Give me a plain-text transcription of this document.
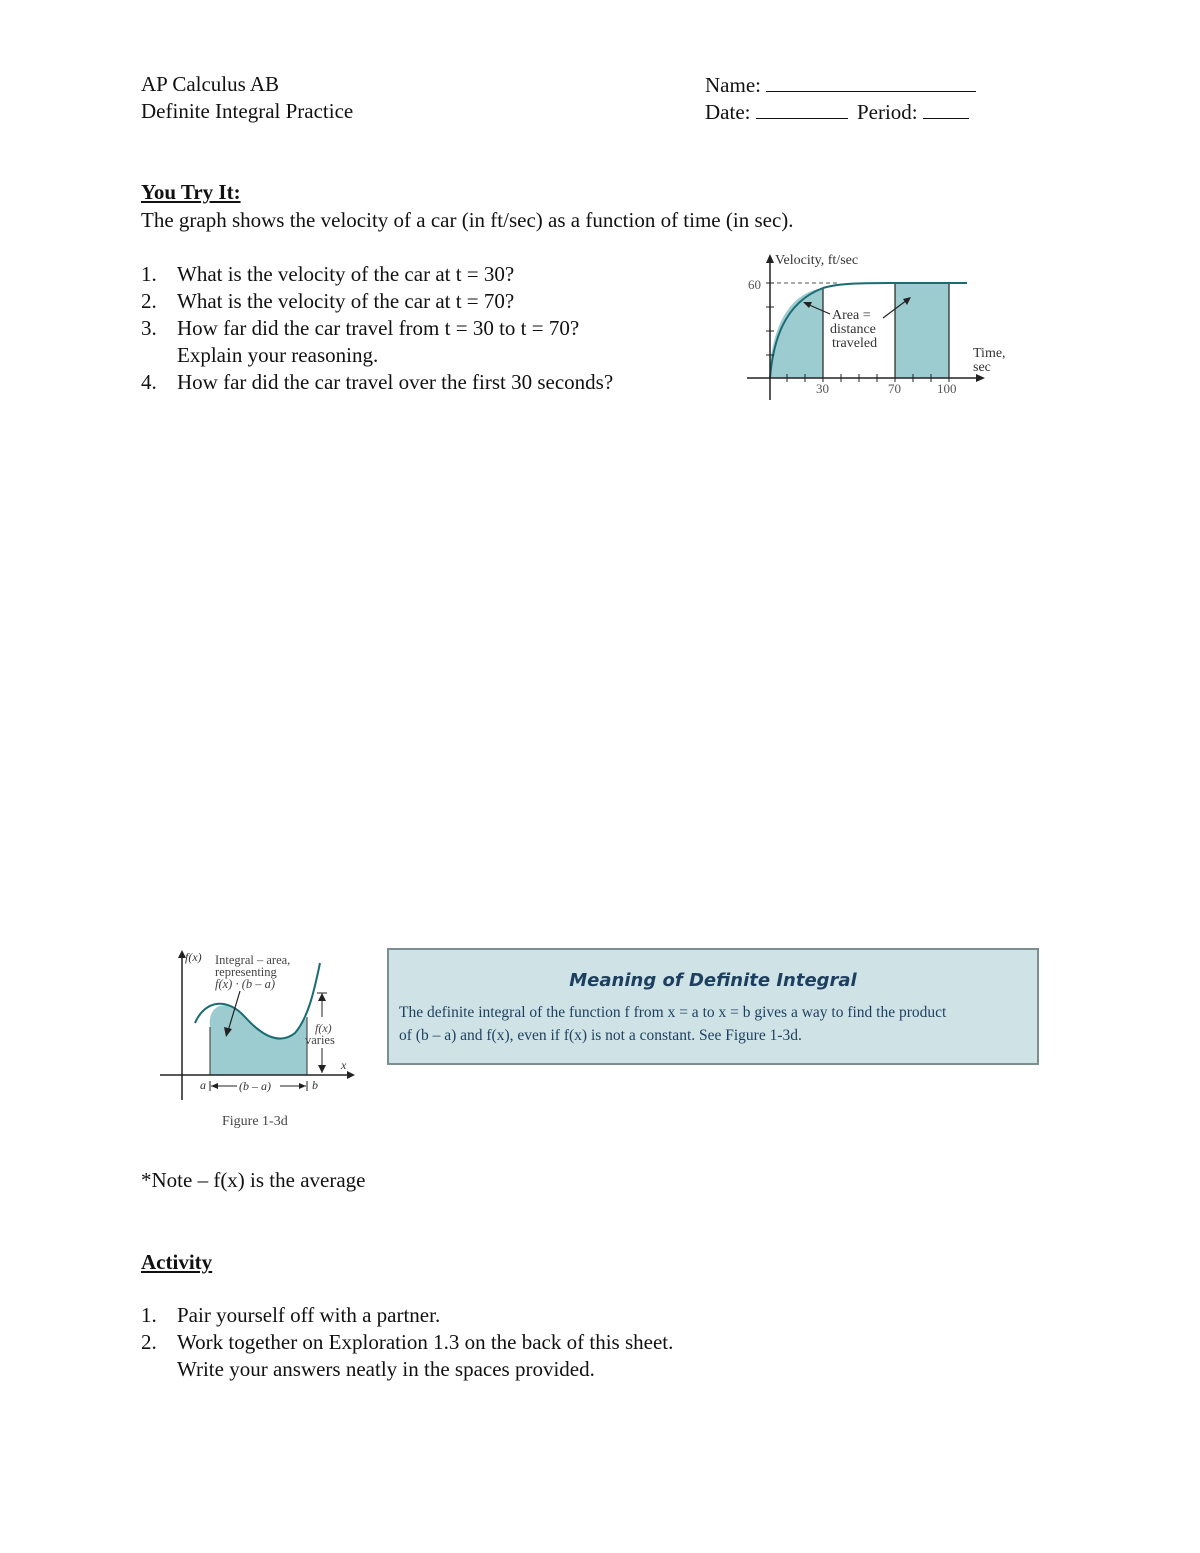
AP Calculus AB
Definite Integral Practice
Name:
Date:	Period:
You Try It:
The graph shows the velocity of a car (in ft/sec) as a function of time (in sec).
1. What is the velocity of the car at t = 30?
2. What is the velocity of the car at t = 70?
3. How far did the car travel from t = 30 to t = 70?
Explain your reasoning.
4. How far did the car travel over the first 30 seconds?
Velocity, ft/sec
60
30	70	100
Time,
sec
Area =
distance
traveled
f(x) Integral – area,
representing
f(x) · (b – a)
f(x)
varies
x
a	(b – a)	b
Figure 1-3d
Meaning of Definite Integral
The definite integral of the function f from x = a to x = b gives a way to find the product
of (b – a) and f(x), even if f(x) is not a constant. See Figure 1-3d.
*Note – f(x) is the average
Activity
1. Pair yourself off with a partner.
2. Work together on Exploration 1.3 on the back of this sheet.
Write your answers neatly in the spaces provided.
